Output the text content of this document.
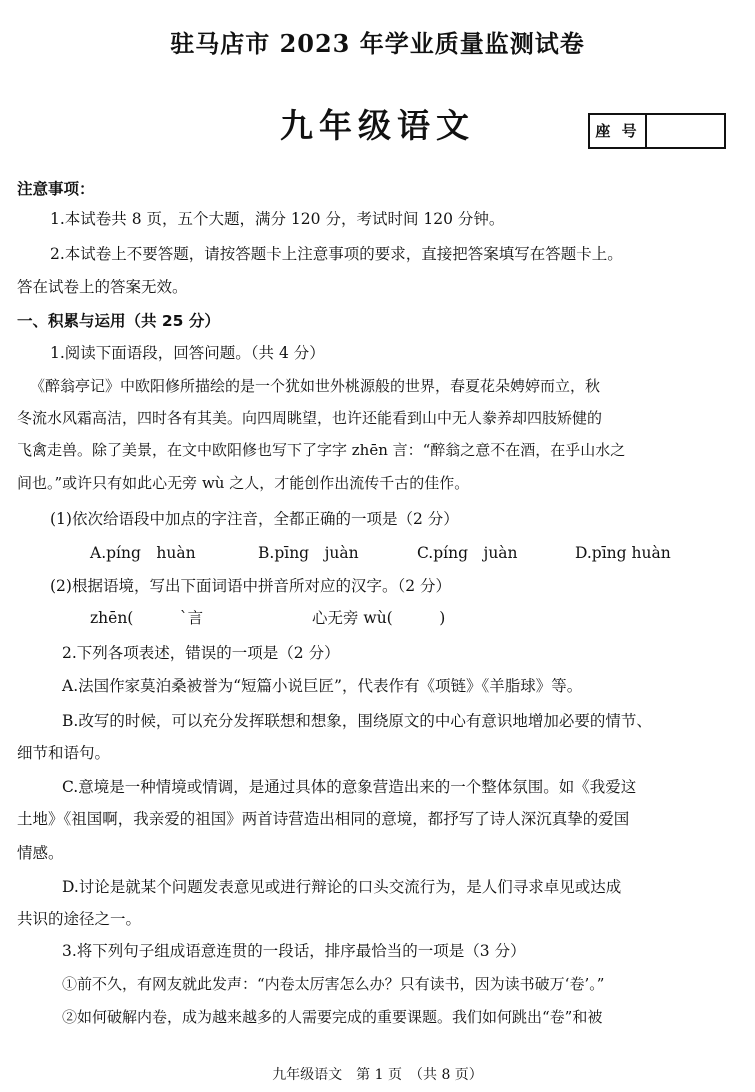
驻马店市 2023 年学业质量监测试卷
九年级语文	座 号
注意事项：
1.本试卷共 8 页，五个大题，满分 120 分，考试时间 120 分钟。
2.本试卷上不要答题，请按答题卡上注意事项的要求，直接把答案填写在答题卡上。
答在试卷上的答案无效。
一、积累与运用（共 25 分）
1.阅读下面语段，回答问题。（共 4 分）
《醉翁亭记》中欧阳修所描绘的是一个犹如世外桃源般的世界，春夏花朵娉婷而立，秋
冬流水风霜高洁，四时各有其美。向四周眺望，也许还能看到山中无人豢养却四肢矫健的
飞禽走兽。除了美景，在文中欧阳修也写下了字字 zhēn 言：“醉翁之意不在酒，在乎山水之
间也。”或许只有如此心无旁 wù 之人，才能创作出流传千古的佳作。
(1)依次给语段中加点的字注音，全都正确的一项是（2 分）
A.píng　huàn	B.pīng　juàn	C.píng　juàn	D.pīng huàn
(2)根据语境，写出下面词语中拼音所对应的汉字。（2 分）
zhēn(　　　`言	心无旁 wù(　　　)
2.下列各项表述，错误的一项是（2 分）
A.法国作家莫泊桑被誉为“短篇小说巨匠”，代表作有《项链》《羊脂球》等。
B.改写的时候，可以充分发挥联想和想象，围绕原文的中心有意识地增加必要的情节、
细节和语句。
C.意境是一种情境或情调，是通过具体的意象营造出来的一个整体氛围。如《我爱这
土地》《祖国啊，我亲爱的祖国》两首诗营造出相同的意境，都抒写了诗人深沉真挚的爱国
情感。
D.讨论是就某个问题发表意见或进行辩论的口头交流行为，是人们寻求卓见或达成
共识的途径之一。
3.将下列句子组成语意连贯的一段话，排序最恰当的一项是（3 分）
①前不久，有网友就此发声：“内卷太厉害怎么办？只有读书，因为读书破万‘卷’。”
②如何破解内卷，成为越来越多的人需要完成的重要课题。我们如何跳出“卷”和被
九年级语文　第 1 页　（共 8 页）
